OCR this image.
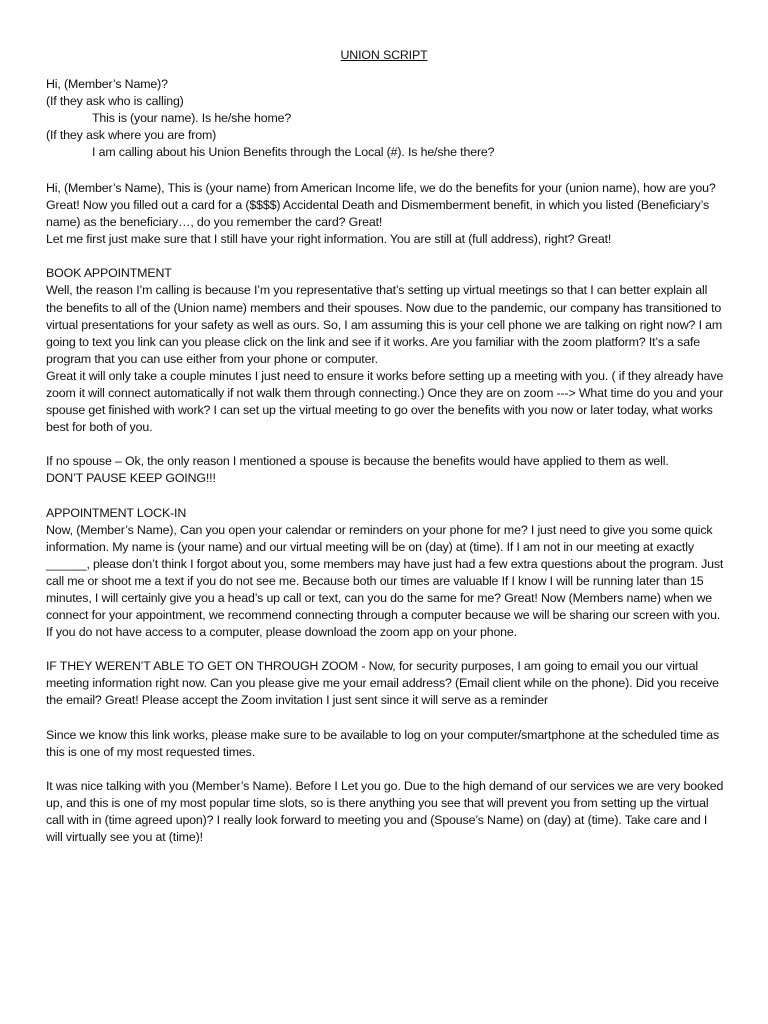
UNION SCRIPT
Hi, (Member’s Name)?
(If they ask who is calling)
This is (your name). Is he/she home?
(If they ask where you are from)
I am calling about his Union Benefits through the Local (#). Is he/she there?
Hi, (Member’s Name), This is (your name) from American Income life, we do the benefits for your (union name), how are you? Great! Now you filled out a card for a ($$$$) Accidental Death and Dismemberment benefit, in which you listed (Beneficiary’s name) as the beneficiary…, do you remember the card? Great!
Let me first just make sure that I still have your right information. You are still at (full address), right? Great!
BOOK APPOINTMENT
Well, the reason I’m calling is because I’m you representative that’s setting up virtual meetings so that I can better explain all the benefits to all of the (Union name) members and their spouses. Now due to the pandemic, our company has transitioned to virtual presentations for your safety as well as ours. So, I am assuming this is your cell phone we are talking on right now? I am going to text you link can you please click on the link and see if it works. Are you familiar with the zoom platform? It’s a safe program that you can use either from your phone or computer.
Great it will only take a couple minutes I just need to ensure it works before setting up a meeting with you. ( if they already have zoom it will connect automatically if not walk them through connecting.) Once they are on zoom ---> What time do you and your spouse get finished with work? I can set up the virtual meeting to go over the benefits with you now or later today, what works best for both of you.
If no spouse – Ok, the only reason I mentioned a spouse is because the benefits would have applied to them as well.
DON’T PAUSE KEEP GOING!!!
APPOINTMENT LOCK-IN
Now, (Member’s Name), Can you open your calendar or reminders on your phone for me? I just need to give you some quick information. My name is (your name) and our virtual meeting will be on (day) at (time). If I am not in our meeting at exactly ______, please don’t think I forgot about you, some members may have just had a few extra questions about the program. Just call me or shoot me a text if you do not see me. Because both our times are valuable If I know I will be running later than 15 minutes, I will certainly give you a head’s up call or text, can you do the same for me? Great! Now (Members name) when we connect for your appointment, we recommend connecting through a computer because we will be sharing our screen with you. If you do not have access to a computer, please download the zoom app on your phone.
IF THEY WEREN’T ABLE TO GET ON THROUGH ZOOM - Now, for security purposes, I am going to email you our virtual meeting information right now. Can you please give me your email address? (Email client while on the phone). Did you receive the email? Great! Please accept the Zoom invitation I just sent since it will serve as a reminder
Since we know this link works, please make sure to be available to log on your computer/smartphone at the scheduled time as this is one of my most requested times.
It was nice talking with you (Member’s Name). Before I Let you go. Due to the high demand of our services we are very booked up, and this is one of my most popular time slots, so is there anything you see that will prevent you from setting up the virtual call with in (time agreed upon)? I really look forward to meeting you and (Spouse’s Name) on (day) at (time). Take care and I will virtually see you at (time)!
